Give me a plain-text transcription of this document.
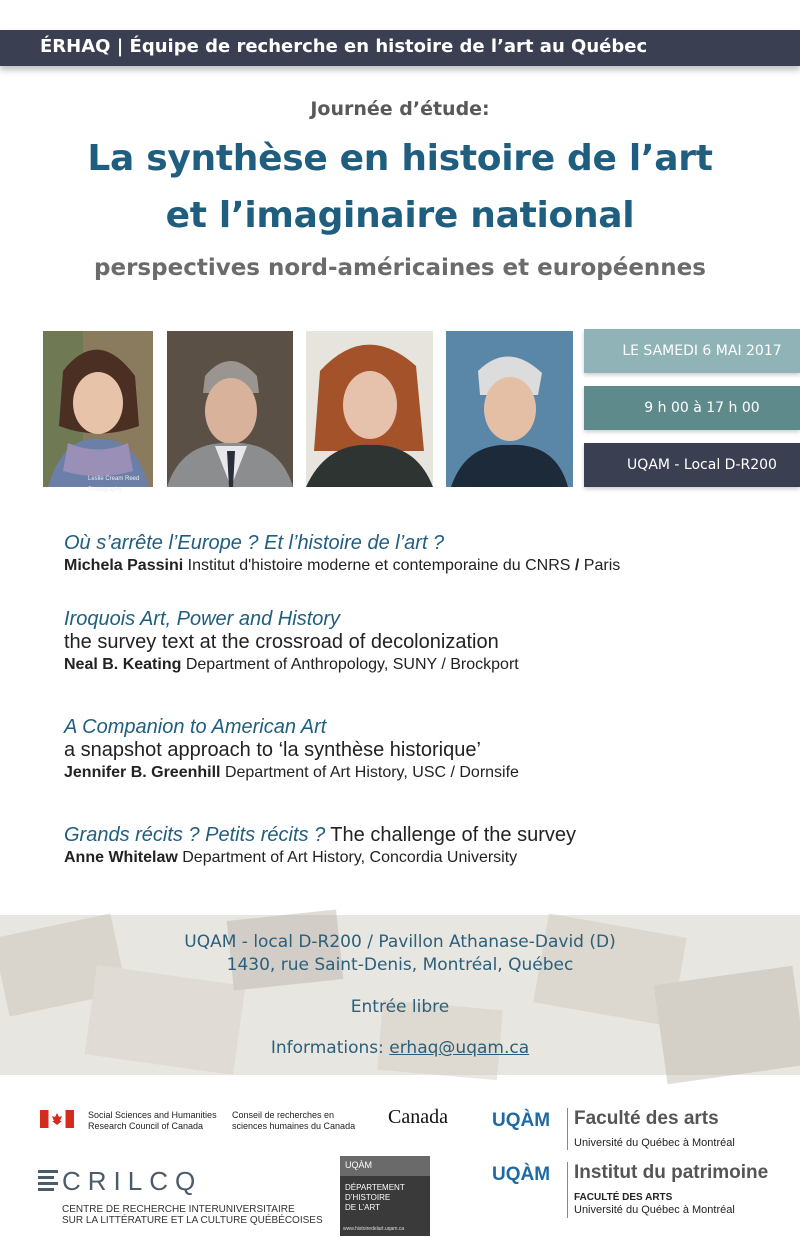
ÉRHAQ | Équipe de recherche en histoire de l’art au Québec
Journée d’étude:
La synthèse en histoire de l’art
et l’imaginaire national
perspectives nord-américaines et européennes
Leslie Cream Reed Photography
LE SAMEDI 6 MAI 2017
9 h 00 à 17 h 00
UQAM - Local D-R200
Où s’arrête l’Europe ? Et l’histoire de l’art ?
Michela Passini Institut d'histoire moderne et contemporaine du CNRS / Paris
Iroquois Art, Power and History
the survey text at the crossroad of decolonization
Neal B. Keating Department of Anthropology, SUNY / Brockport
A Companion to American Art
a snapshot approach to ‘la synthèse historique’
Jennifer B. Greenhill Department of Art History, USC / Dornsife
Grands récits ? Petits récits ? The challenge of the survey
Anne Whitelaw Department of Art History, Concordia University
UQAM - local D-R200 / Pavillon Athanase-David (D)
1430, rue Saint-Denis, Montréal, Québec
Entrée libre
Informations: erhaq@uqam.ca
Social Sciences and Humanities
Research Council of Canada
Conseil de recherches en
sciences humaines du Canada Canada UQÀM Faculté des arts
Université du Québec à Montréal
UQÀM Institut du patrimoine
FACULTÉ DES ARTS
Université du Québec à Montréal
CRILCQ
CENTRE DE RECHERCHE INTERUNIVERSITAIRE
SUR LA LITTÉRATURE ET LA CULTURE QUÉBÉCOISES
UQÀM
DÉPARTEMENT
D’HISTOIRE
DE L’ART
www.histoiredelart.uqam.ca
